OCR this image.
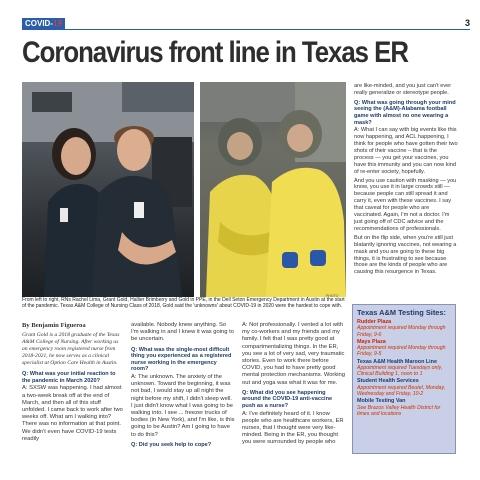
COVID-19	3
Coronavirus front line in Texas ER
PHOTO
From left to right, RNs Rachel Lima, Grant Gold, Hallier Brimberry and Gold in PPE, in the Dell Seton Emergency Department in Austin at the start of the pandemic. Texas A&M College of Nursing Class of 2018, Gold said the 'unknowns' about COVID-19 in 2020 were the hardest to cope with.
By Benjamin Figueroa
Grant Gold is a 2018 graduate of the Texas A&M College of Nursing. After working as an emergency room registered nurse from 2018-2021, he now serves as a clinical specialist at Option Care Health in Austin.
Q: What was your initial reaction to the pandemic in March 2020?

A: SXSW was happening. I had almost a two-week break off at the end of March, and then all of this stuff unfolded. I came back to work after two weeks off. What am I walking into? There was no information at that point. We didn't even have COVID-19 tests readily

available. Nobody knew anything. So I'm walking in and I knew it was going to be uncertain.

Q: What was the single-most difficult thing you experienced as a registered nurse working in the emergency room?

A: The unknown. The anxiety of the unknown. Toward the beginning, it was not bad, I would stay up all night the night before my shift, I didn't sleep well. I just didn't know what I was going to be walking into. I see ... freezer trucks of bodies (in New York), and I'm like, is this going to be Austin? Am I going to have to do this?

Q: Did you seek help to cope?

A: Not professionally. I vented a lot with my co-workers and my friends and my family. I felt that I was pretty good at compartmentalizing things. In the ER, you see a lot of very sad, very traumatic stories. Even to work there before COVID, you had to have pretty good mental protection mechanisms. Working out and yoga was what it was for me.

Q: What did you see happening around the COVID-19 anti-vaccine push as a nurse?

A: I've definitely heard of it. I know people who are healthcare workers, ER nurses, that I thought were very like-minded. Being in the ER, you thought you were surrounded by people who

are like-minded, and you just can't ever really generalize or stereotype people.

Q: What was going through your mind seeing the (A&M)-Alabama football game with almost no one wearing a mask?

A: What I can say with big events like this now happening, and ACL happening, I think for people who have gotten their two shots of their vaccine – that is the process — you get your vaccines, you have this immunity and you can now kind of re-enter society, hopefully.

And you use caution with masking — you know, you use it in large crowds still — because people can still spread it and carry it, even with these vaccines. I say that caveat for people who are vaccinated. Again, I'm not a doctor. I'm just going off of CDC advice and the recommendations of professionals.

But on the flip side, when you're still just blatantly ignoring vaccines, not wearing a mask and you are going to these big things, it is frustrating to see because those are the kinds of people who are causing this resurgence in Texas.

Texas A&M Testing Sites:
Rudder Plaza
Appointment required Monday through Friday, 9-6
Mays Plaza
Appointment required Monday through Friday, 9-5
Texas A&M Health Maroon Line
Appointment required Tuesdays only, Clinical Building 1, noon to 1
Student Health Services
Appointment required Beutel, Monday, Wednesday and Friday, 10-2
Mobile Testing Van
See Brazos Valley Health District for times and locations
